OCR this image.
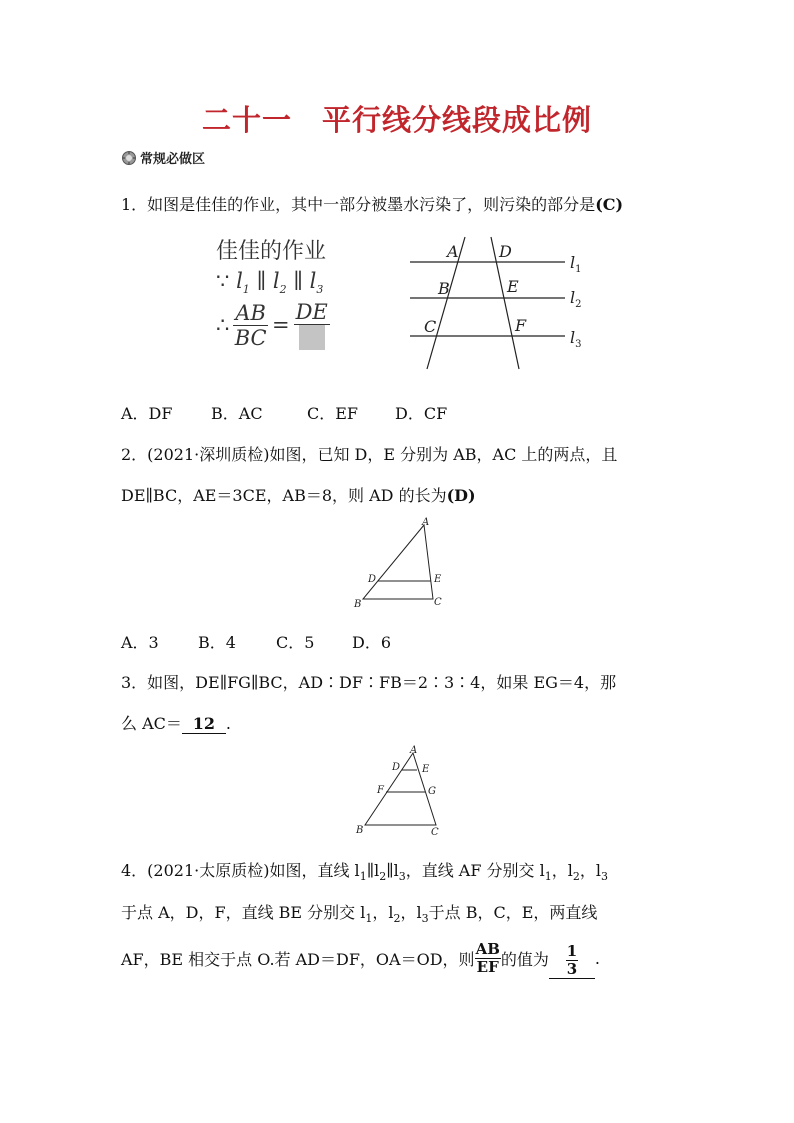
二十一 平行线分线段成比例
常规必做区
1．如图是佳佳的作业，其中一部分被墨水污染了，则污染的部分是(C)
佳佳的作业
∵ $l_1$ ∥ $l_2$ ∥ $l_3$
∴ $\frac{AB}{BC}$ =
DE
A	D
B	E
C	F
$l_1$
$l_2$
$l_3$
A．DF B．AC	C．EF D．CF
2．(2021·深圳质检)如图，已知 D，E 分别为 AB，AC 上的两点，且
DE∥BC，AE＝3CE，AB＝8，则 AD 的长为(D)
A
D	E
B	C
A．3 B．4	C．5 D．6
3．如图，DE∥FG∥BC，AD∶DF∶FB＝2∶3∶4，如果 EG＝4，那
么 AC＝ 12 .
A
D E
F	G
B	C
4．(2021·太原质检)如图，直线 $l_1\parallel l_2\parallel l_3$，直线 AF 分别交 $l_1$，$l_2$，$l_3$
于点 A，D，F，直线 BE 分别交 $l_1$，$l_2$，$l_3$于点 B，C，E，两直线
AF，BE 相交于点 O.若 AD＝DF，OA＝OD，则 $\frac{AB}{EF}$ 的值为 $\frac{1}{3}$ .
